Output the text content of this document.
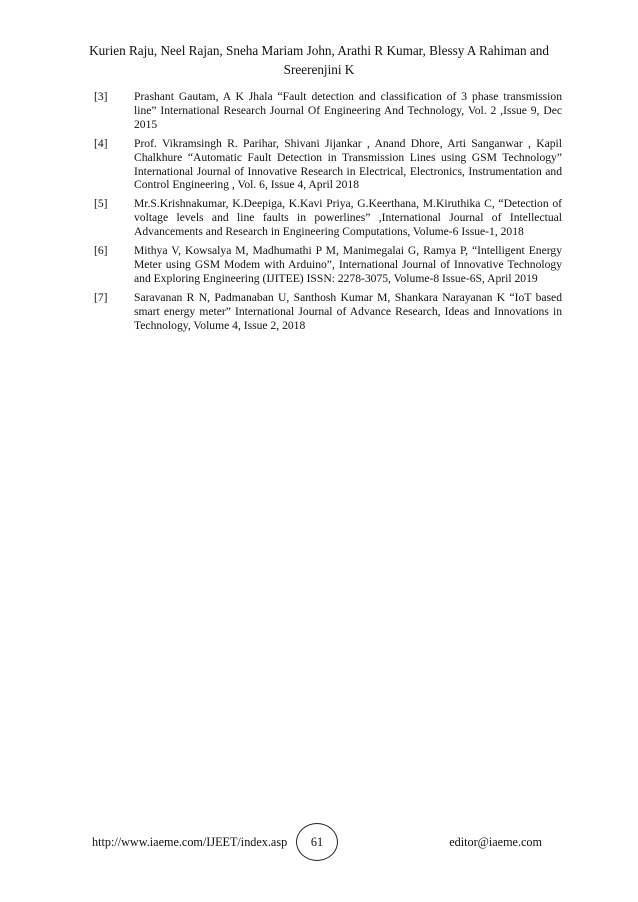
Kurien Raju, Neel Rajan, Sneha Mariam John, Arathi R Kumar, Blessy A Rahiman and
Sreerenjini K
[3]	Prashant Gautam, A K Jhala “Fault detection and classification of 3 phase transmission line” International Research Journal Of Engineering And Technology, Vol. 2 ,Issue 9, Dec 2015
[4]	Prof. Vikramsingh R. Parihar, Shivani Jijankar , Anand Dhore, Arti Sanganwar , Kapil Chalkhure “Automatic Fault Detection in Transmission Lines using GSM Technology” International Journal of Innovative Research in Electrical, Electronics, Instrumentation and Control Engineering , Vol. 6, Issue 4, April 2018
[5]	Mr.S.Krishnakumar, K.Deepiga, K.Kavi Priya, G.Keerthana, M.Kiruthika C, “Detection of voltage levels and line faults in powerlines” ,International Journal of Intellectual Advancements and Research in Engineering Computations, Volume-6 Issue-1, 2018
[6]	Mithya V, Kowsalya M, Madhumathi P M, Manimegalai G, Ramya P, “Intelligent Energy Meter using GSM Modem with Arduino”, International Journal of Innovative Technology and Exploring Engineering (IJITEE) ISSN: 2278-3075, Volume-8 Issue-6S, April 2019
[7]	Saravanan R N, Padmanaban U, Santhosh Kumar M, Shankara Narayanan K “IoT based smart energy meter” International Journal of Advance Research, Ideas and Innovations in Technology, Volume 4, Issue 2, 2018
http://www.iaeme.com/IJEET/index.asp 61	editor@iaeme.com
